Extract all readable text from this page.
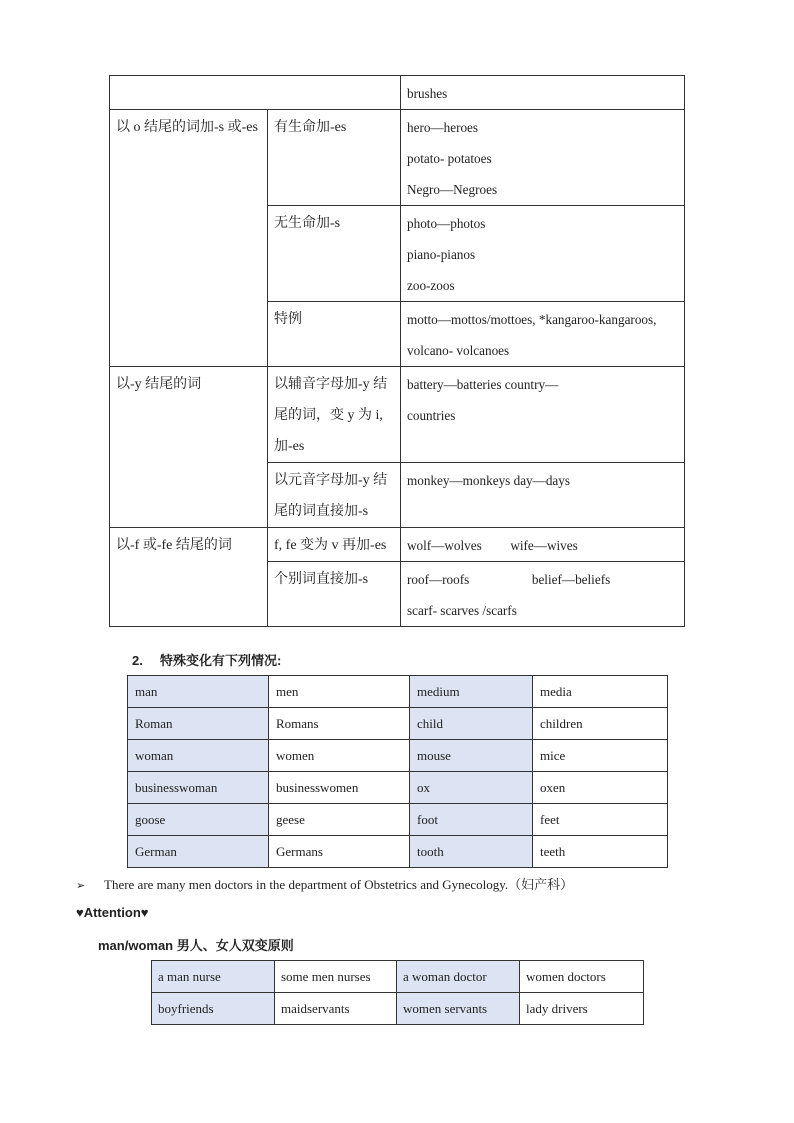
		brushes

以 o 结尾的词加-s 或-es	有生命加-es	hero—heroes
potato- potatoes
Negro—Negroes

	无生命加-s	photo—photos
piano-pianos
zoo-zoos

	特例	motto—mottos/mottoes, *kangaroo-kangaroos,
volcano- volcanoes

以-y 结尾的词	以辅音字母加-y 结
尾的词，变 y 为 i,
加-es	battery—batteries country—
countries

	以元音字母加-y 结
尾的词直接加-s	monkey—monkeys day—days

以-f 或-fe 结尾的词	f, fe 变为 v 再加-es	wolf—wolves wife—wives

	个别词直接加-s	roof—roofs belief—beliefs
scarf- scarves /scarfs
2. 特殊变化有下列情况:
man	men	medium	media
Roman	Romans	child	children
woman	women	mouse	mice
businesswoman	businesswomen	ox	oxen
goose	geese	foot	feet
German	Germans	tooth	teeth
➢ There are many men doctors in the department of Obstetrics and Gynecology.（妇产科）
♥Attention♥
man/woman 男人、女人双变原则
a man nurse	some men nurses	a woman doctor	women doctors
boyfriends	maidservants	women servants	lady drivers
